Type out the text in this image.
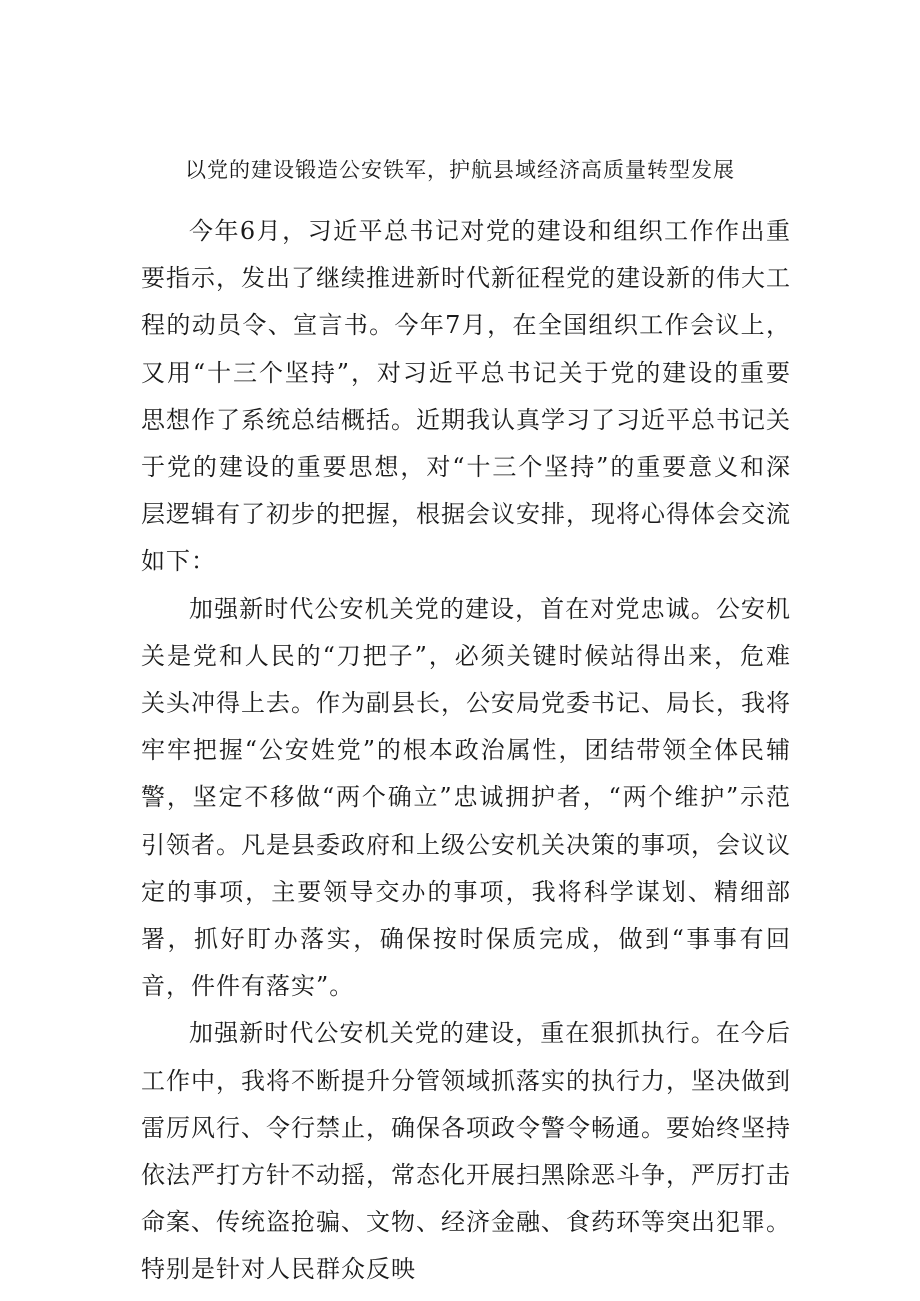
以党的建设锻造公安铁军，护航县域经济高质量转型发展

今年6月，习近平总书记对党的建设和组织工作作出重要指示，发出了继续推进新时代新征程党的建设新的伟大工程的动员令、宣言书。今年7月，在全国组织工作会议上，又用“十三个坚持”，对习近平总书记关于党的建设的重要思想作了系统总结概括。近期我认真学习了习近平总书记关于党的建设的重要思想，对“十三个坚持”的重要意义和深层逻辑有了初步的把握，根据会议安排，现将心得体会交流如下：

加强新时代公安机关党的建设，首在对党忠诚。公安机关是党和人民的“刀把子”，必须关键时候站得出来，危难关头冲得上去。作为副县长，公安局党委书记、局长，我将牢牢把握“公安姓党”的根本政治属性，团结带领全体民辅警，坚定不移做“两个确立”忠诚拥护者，“两个维护”示范引领者。凡是县委政府和上级公安机关决策的事项，会议议定的事项，主要领导交办的事项，我将科学谋划、精细部署，抓好盯办落实，确保按时保质完成，做到“事事有回音，件件有落实”。

加强新时代公安机关党的建设，重在狠抓执行。在今后工作中，我将不断提升分管领域抓落实的执行力，坚决做到雷厉风行、令行禁止，确保各项政令警令畅通。要始终坚持依法严打方针不动摇，常态化开展扫黑除恶斗争，严厉打击命案、传统盗抢骗、文物、经济金融、食药环等突出犯罪。特别是针对人民群众反映
